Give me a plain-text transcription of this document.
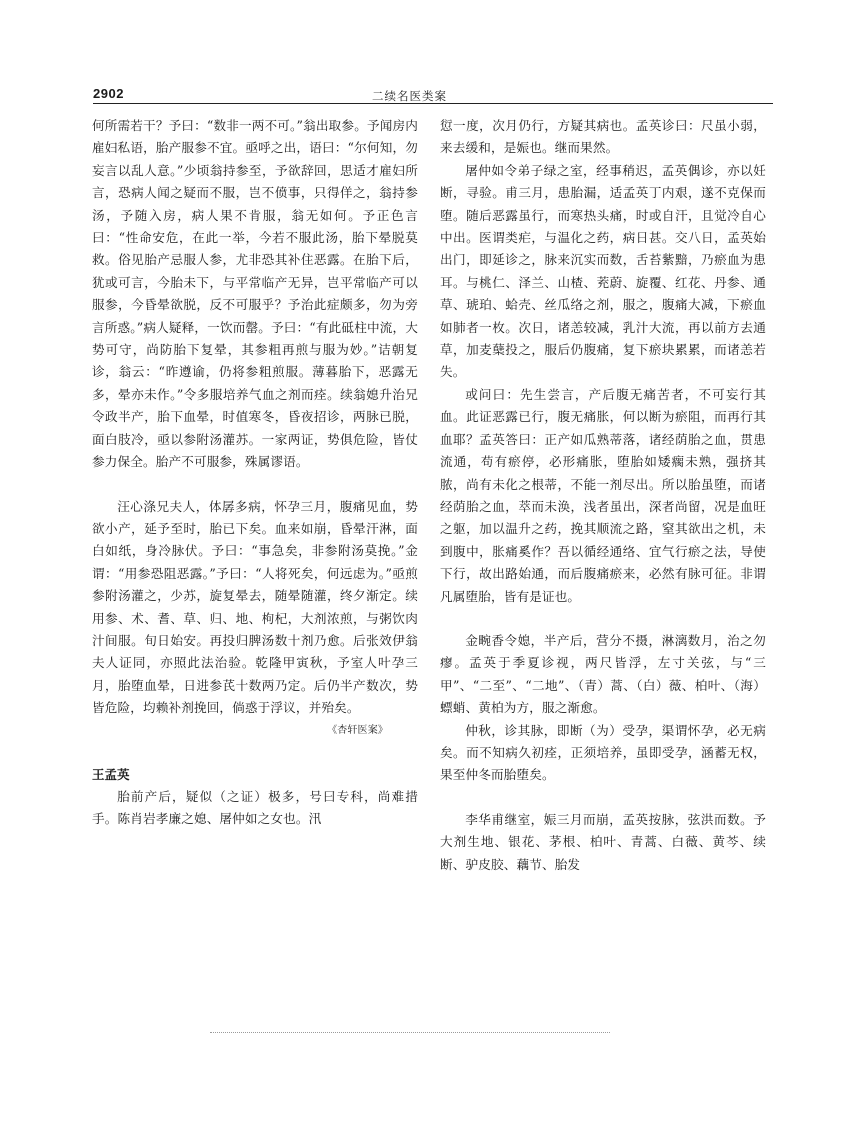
2902	二续名医类案

何所需若干？予曰：“数非一两不可。”翁出取参。予闻房内雇妇私语，胎产服参不宜。亟呼之出，语曰：“尔何知，勿妄言以乱人意。”少顷翁持参至，予欲辞回，思适才雇妇所言，恐病人闻之疑而不服，岂不偾事，只得佯之，翁持参汤，予随入房，病人果不肯服，翁无如何。予正色言曰：“性命安危，在此一举，今若不服此汤，胎下晕脱莫救。俗见胎产忌服人参，尤非恐其补住恶露。在胎下后，犹或可言，今胎未下，与平常临产无异，岂平常临产可以服参，今昏晕欲脱，反不可服乎？予治此症颇多，勿为旁言所惑。”病人疑释，一饮而罄。予曰：“有此砥柱中流，大势可守，尚防胎下复晕，其参粗再煎与服为妙。”诘朝复诊，翁云：“昨遵谕，仍将参粗煎服。薄暮胎下，恶露无多，晕亦未作。”令多服培养气血之剂而痊。续翁媳升治兄令政半产，胎下血晕，时值寒冬，昏夜招诊，两脉已脱，面白肢冷，亟以参附汤灌苏。一家两证，势俱危险，皆仗参力保全。胎产不可服参，殊属谬语。

汪心涤兄夫人，体孱多病，怀孕三月，腹痛见血，势欲小产，延予至时，胎已下矣。血来如崩，昏晕汗淋，面白如纸，身冷脉伏。予曰：“事急矣，非参附汤莫挽。”金谓：“用参恐阻恶露。”予曰：“人将死矣，何远虑为。”亟煎参附汤灌之，少苏，旋复晕去，随晕随灌，终夕渐定。续用参、术、耆、草、归、地、枸杞，大剂浓煎，与粥饮肉汁间服。旬日始安。再投归脾汤数十剂乃愈。后张效伊翁夫人证同，亦照此法治验。乾隆甲寅秋，予室人叶孕三月，胎堕血晕，日进参芪十数两乃定。后仍半产数次，势皆危险，均赖补剂挽回，倘惑于浮议，并殆矣。

《杏轩医案》

王孟英

胎前产后，疑似（之证）极多，号曰专科，尚难措手。陈肖岩孝廉之媳、屠仲如之女也。汛

愆一度，次月仍行，方疑其病也。孟英诊曰：尺虽小弱，来去缓和，是娠也。继而果然。

屠仲如令弟子绿之室，经事稍迟，孟英偶诊，亦以妊断，寻验。甫三月，患胎漏，适孟英丁内艰，遂不克保而堕。随后恶露虽行，而寒热头痛，时或自汗，且觉冷自心中出。医谓类疟，与温化之药，病日甚。交八日，孟英始出门，即延诊之，脉来沉实而数，舌苔紫黯，乃瘀血为患耳。与桃仁、泽兰、山楂、茺蔚、旋覆、红花、丹参、通草、琥珀、蛤壳、丝瓜络之剂，服之，腹痛大减，下瘀血如肺者一枚。次日，诸恙较减，乳汁大流，再以前方去通草，加麦蘖投之，服后仍腹痛，复下瘀块累累，而诸恙若失。

或问曰：先生尝言，产后腹无痛苦者，不可妄行其血。此证恶露已行，腹无痛胀，何以断为瘀阻，而再行其血耶？孟英答曰：正产如瓜熟蒂落，诸经荫胎之血，贯患流通，苟有瘀停，必形痛胀，堕胎如矮瘸未熟，强挤其脓，尚有未化之根蒂，不能一剂尽出。所以胎虽堕，而诸经荫胎之血，萃而未涣，浅者虽出，深者尚留，况是血旺之躯，加以温升之药，挽其顺流之路，窒其欲出之机，未到腹中，胀痛奚作？吾以循经通络、宜气行瘀之法，导使下行，故出路始通，而后腹痛瘀来，必然有脉可征。非谓凡属堕胎，皆有是证也。

金畹香令媳，半产后，营分不摄，淋漓数月，治之勿瘳。孟英于季夏诊视，两尺皆浮，左寸关弦，与“三甲”、“二至”、“二地”、（青）蒿、（白）薇、柏叶、（海）螵蛸、黄柏为方，服之渐愈。

仲秋，诊其脉，即断（为）受孕，渠谓怀孕，必无病矣。而不知病久初痊，正须培养，虽即受孕，涵蓄无权，果至仲冬而胎堕矣。

李华甫继室，娠三月而崩，孟英按脉，弦洪而数。予大剂生地、银花、茅根、柏叶、青蒿、白薇、黄芩、续断、驴皮胶、藕节、胎发
